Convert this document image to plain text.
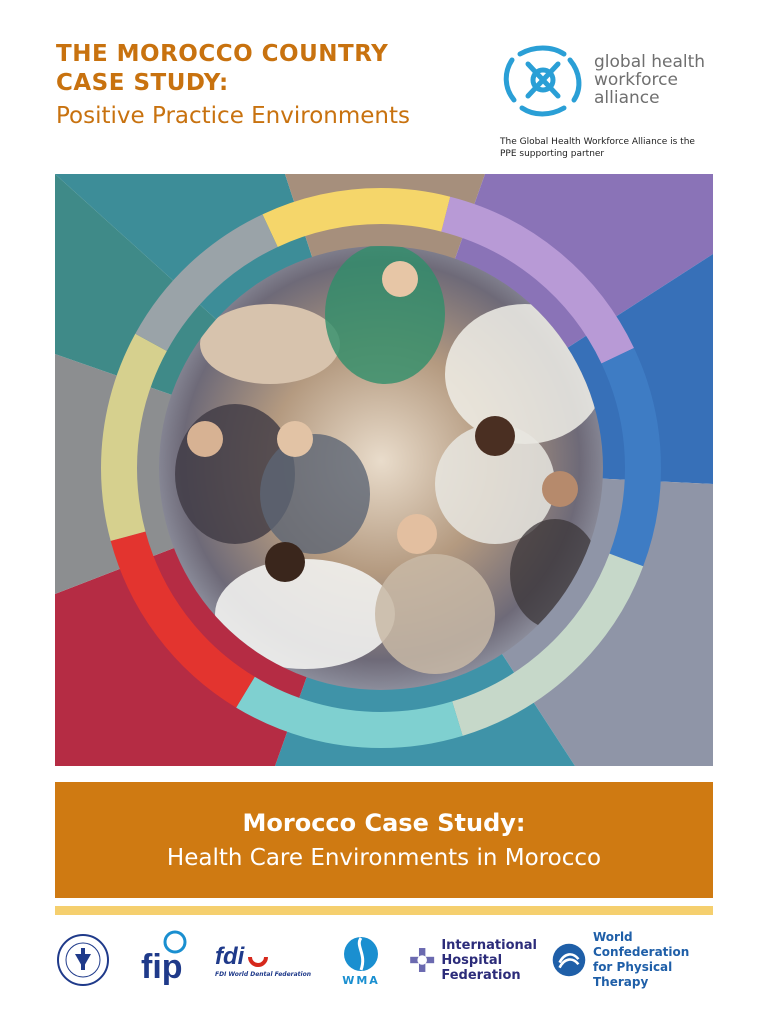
THE MOROCCO COUNTRY
CASE STUDY:
Positive Practice Environments
global health
workforce
alliance
The Global Health Workforce Alliance is the
PPE supporting partner
Morocco Case Study:
Health Care Environments in Morocco
fip fdi
FDI World Dental Federation	WMA
International
Hospital
Federation
World Confederation
for Physical Therapy
